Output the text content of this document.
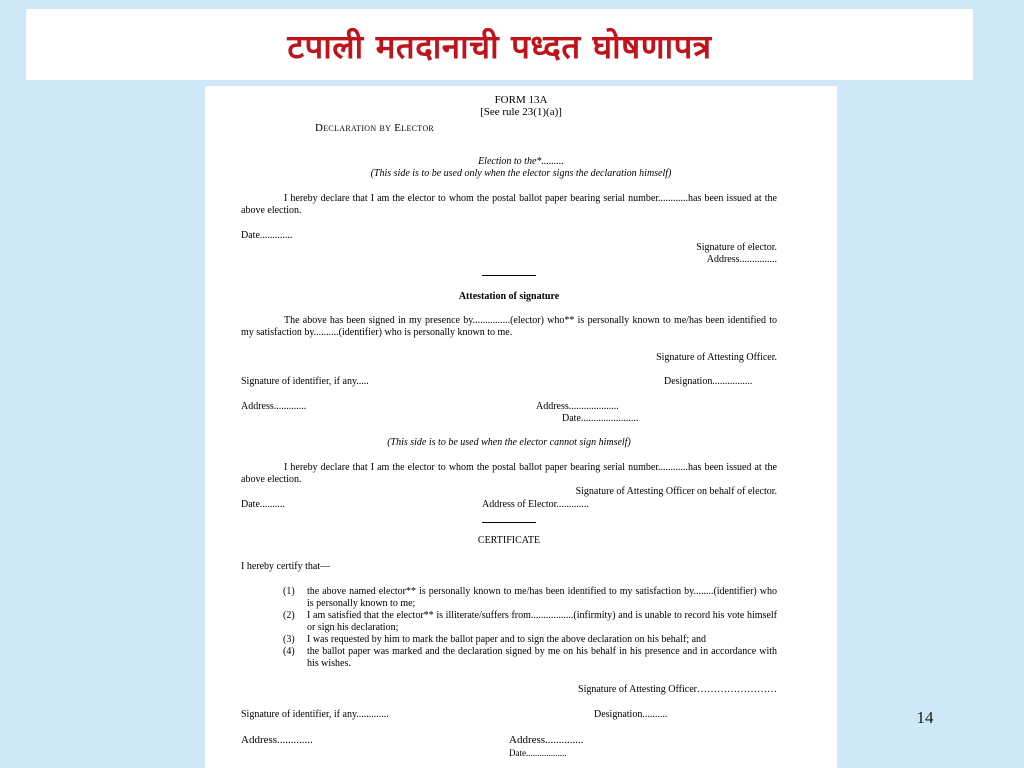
टपाली मतदानाची पध्दत घोषणापत्र
FORM 13A
[See rule 23(1)(a)]
Declaration by Elector
Election to the*.........
(This side is to be used only when the elector signs the declaration himself)
I hereby declare that I am the elector to whom the postal ballot paper bearing serial number............has been issued at the above election.
Date.............
Signature of elector.
Address...............
Attestation of signature
The above has been signed in my presence by...............(elector) who** is personally known to me/has been identified to my satisfaction by..........(identifier) who is personally known to me.
Signature of Attesting Officer.
Signature of identifier, if any.....	Designation................
Address.............	Address....................
Date.......................
(This side is to be used when the elector cannot sign himself)
I hereby declare that I am the elector to whom the postal ballot paper bearing serial number............has been issued at the above election.
Signature of Attesting Officer on behalf of elector.
Date..........	Address of Elector.............
CERTIFICATE
I hereby certify that—
(1)	the above named elector** is personally known to me/has been identified to my satisfaction by........(identifier) who is personally known to me;
(2)	I am satisfied that the elector** is illiterate/suffers from.................(infirmity) and is unable to record his vote himself or sign his declaration;
(3)	I was requested by him to mark the ballot paper and to sign the above declaration on his behalf; and
(4)	the ballot paper was marked and the declaration signed by me on his behalf in his presence and in accordance with his wishes.
Signature of Attesting Officer……………………
Signature of identifier, if any.............	Designation..........
Address.............	Address..............
Date..................
14
